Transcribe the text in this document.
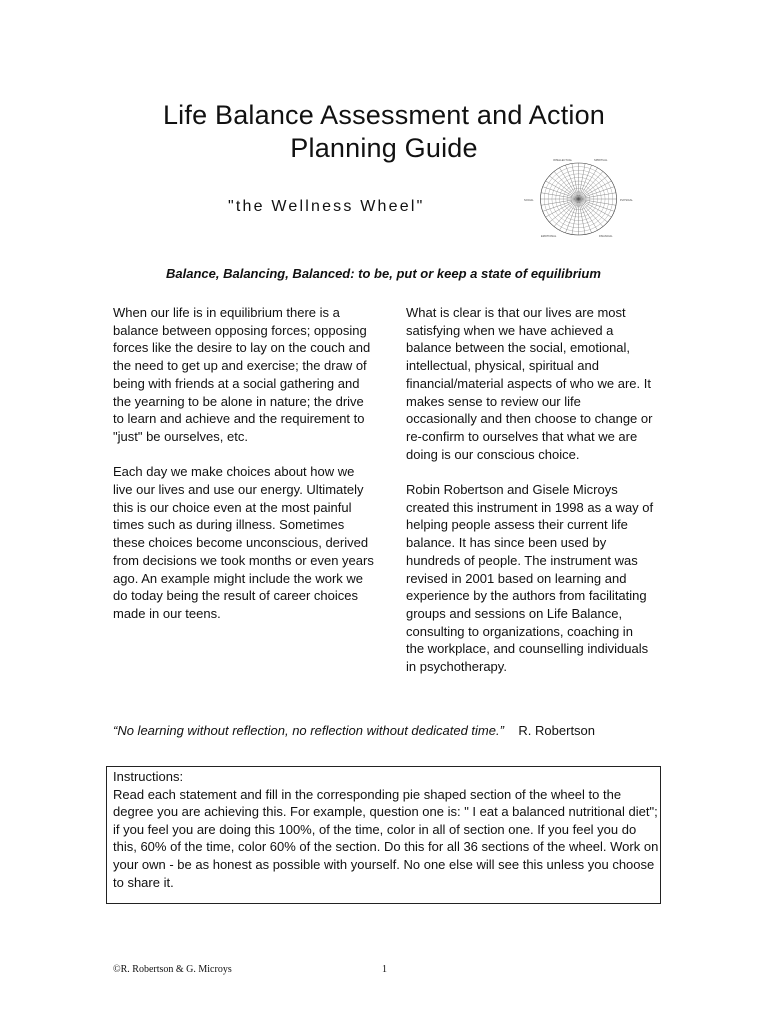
Life Balance Assessment and Action
Planning Guide
"the Wellness Wheel"
INTELLECTUAL	SPIRITUAL
SOCIAL	PHYSICAL
EMOTIONAL	FINANCIAL
Balance, Balancing, Balanced: to be, put or keep a state of equilibrium

When our life is in equilibrium there is a balance between opposing forces; opposing forces like the desire to lay on the couch and the need to get up and exercise; the draw of being with friends at a social gathering and the yearning to be alone in nature; the drive to learn and achieve and the requirement to "just" be ourselves, etc.

Each day we make choices about how we live our lives and use our energy. Ultimately this is our choice even at the most painful times such as during illness. Sometimes these choices become unconscious, derived from decisions we took months or even years ago. An example might include the work we do today being the result of career choices made in our teens.

What is clear is that our lives are most satisfying when we have achieved a balance between the social, emotional, intellectual, physical, spiritual and financial/material aspects of who we are. It makes sense to review our life occasionally and then choose to change or re-confirm to ourselves that what we are doing is our conscious choice.

Robin Robertson and Gisele Microys created this instrument in 1998 as a way of helping people assess their current life balance. It has since been used by hundreds of people. The instrument was revised in 2001 based on learning and experience by the authors from facilitating groups and sessions on Life Balance, consulting to organizations, coaching in the workplace, and counselling individuals in psychotherapy.

“No learning without reflection, no reflection without dedicated time.” R. Robertson
Instructions:
Read each statement and fill in the corresponding pie shaped section of the wheel to the degree you are achieving this. For example, question one is: " I eat a balanced nutritional diet"; if you feel you are doing this 100%, of the time, color in all of section one. If you feel you do this, 60% of the time, color 60% of the section. Do this for all 36 sections of the wheel. Work on your own - be as honest as possible with yourself. No one else will see this unless you choose to share it.
©R. Robertson & G. Microys	1
